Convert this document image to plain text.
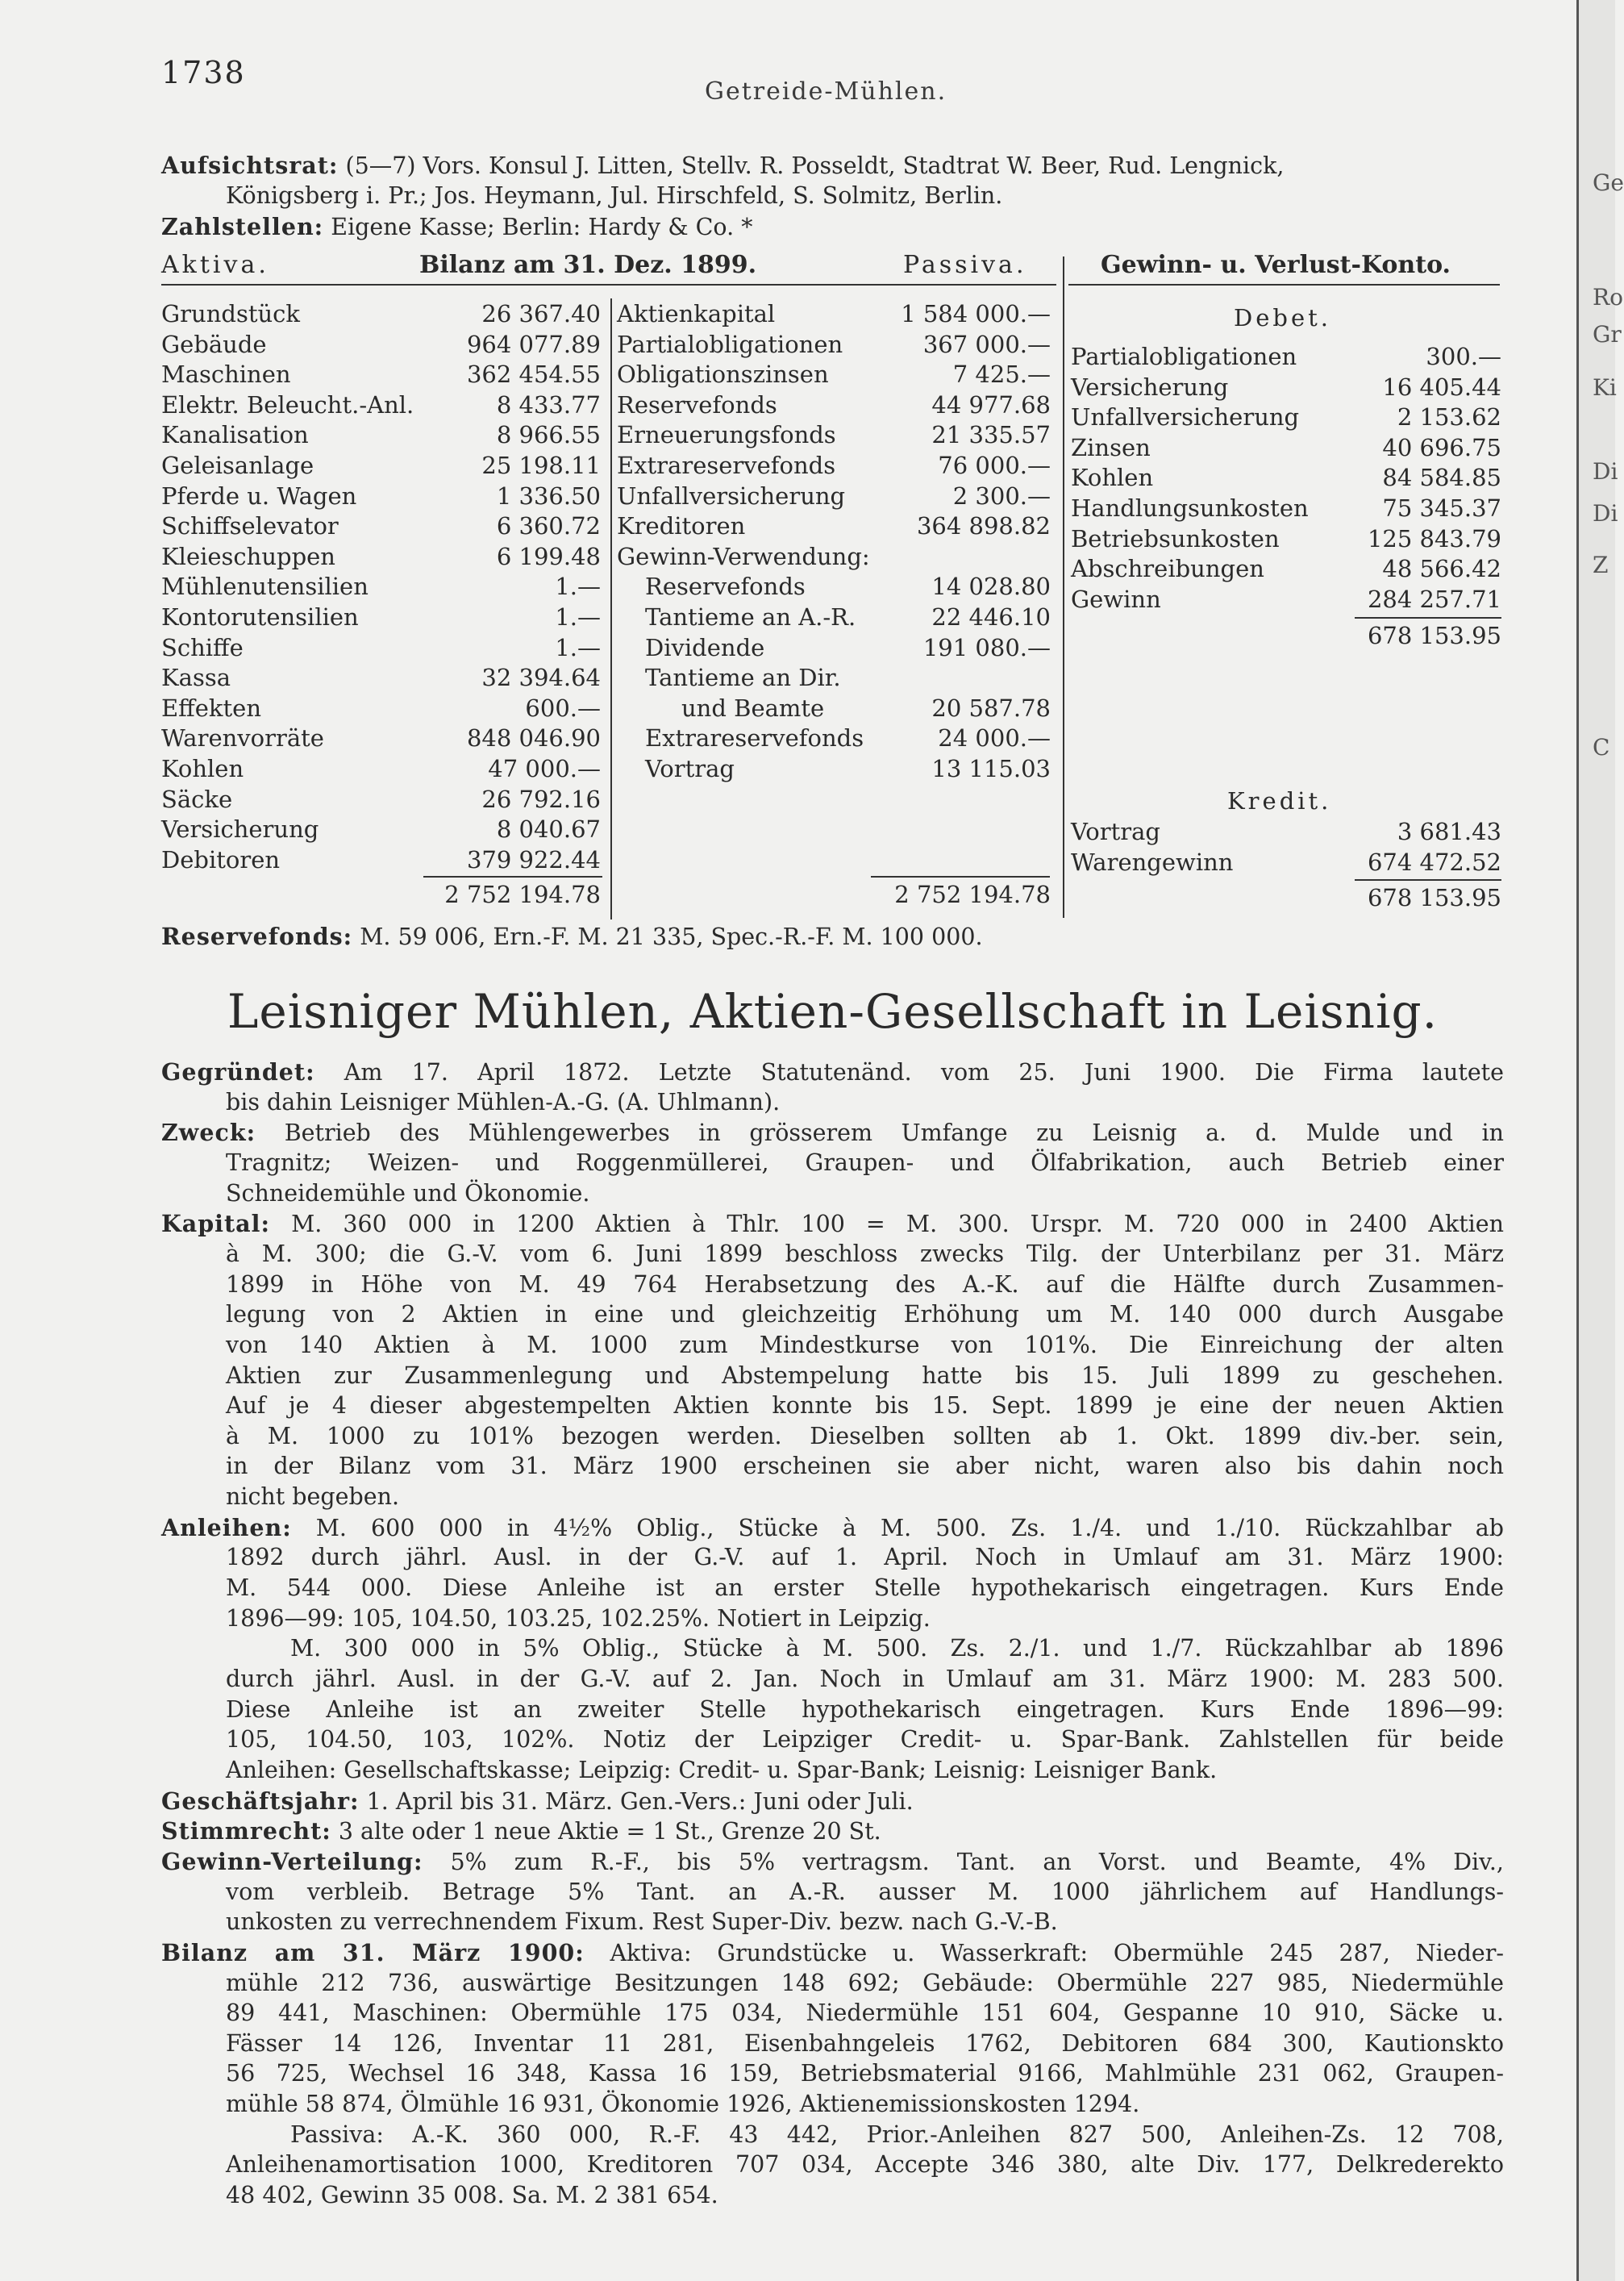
Ge
Ro
Gr
Ki
Di
Di
Z
C
1738
Getreide-Mühlen.
Aufsichtsrat: (5—7) Vors. Konsul J. Litten, Stellv. R. Posseldt, Stadtrat W. Beer, Rud. Lengnick,
Königsberg i. Pr.; Jos. Heymann, Jul. Hirschfeld, S. Solmitz, Berlin.
Zahlstellen: Eigene Kasse; Berlin: Hardy & Co. *
Aktiva.	Bilanz am 31. Dez. 1899.	Passiva.	Gewinn- u. Verlust-Konto.
Grundstück	26 367.40
Gebäude	964 077.89
Maschinen	362 454.55
Elektr. Beleucht.-Anl.	8 433.77
Kanalisation	8 966.55
Geleisanlage	25 198.11
Pferde u. Wagen	1 336.50
Schiffselevator	6 360.72
Kleieschuppen	6 199.48
Mühlenutensilien	1.—
Kontorutensilien	1.—
Schiffe	1.—
Kassa	32 394.64
Effekten	600.—
Warenvorräte	848 046.90
Kohlen	47 000.—
Säcke	26 792.16
Versicherung	8 040.67
Debitoren	379 922.44
2 752 194.78
Aktienkapital	1 584 000.—
Partialobligationen	367 000.—
Obligationszinsen	7 425.—
Reservefonds	44 977.68
Erneuerungsfonds	21 335.57
Extrareservefonds	76 000.—
Unfallversicherung	2 300.—
Kreditoren	364 898.82
Gewinn-Verwendung:
Reservefonds	14 028.80
Tantieme an A.-R.	22 446.10
Dividende	191 080.—
Tantieme an Dir.
und Beamte	20 587.78
Extrareservefonds	24 000.—
Vortrag	13 115.03
2 752 194.78
Debet.
Partialobligationen	300.—
Versicherung	16 405.44
Unfallversicherung	2 153.62
Zinsen	40 696.75
Kohlen	84 584.85
Handlungsunkosten	75 345.37
Betriebsunkosten	125 843.79
Abschreibungen	48 566.42
Gewinn	284 257.71
678 153.95
Kredit.
Vortrag	3 681.43
Warengewinn	674 472.52
678 153.95
Reservefonds: M. 59 006, Ern.-F. M. 21 335, Spec.-R.-F. M. 100 000.
Leisniger Mühlen, Aktien-Gesellschaft in Leisnig.
Gegründet: Am 17. April 1872. Letzte Statutenänd. vom 25. Juni 1900. Die Firma lautete
bis dahin Leisniger Mühlen-A.-G. (A. Uhlmann).
Zweck: Betrieb des Mühlengewerbes in grösserem Umfange zu Leisnig a. d. Mulde und in
Tragnitz; Weizen- und Roggenmüllerei, Graupen- und Ölfabrikation, auch Betrieb einer
Schneidemühle und Ökonomie.
Kapital: M. 360 000 in 1200 Aktien à Thlr. 100 = M. 300. Urspr. M. 720 000 in 2400 Aktien
à M. 300; die G.-V. vom 6. Juni 1899 beschloss zwecks Tilg. der Unterbilanz per 31. März
1899 in Höhe von M. 49 764 Herabsetzung des A.-K. auf die Hälfte durch Zusammen-
legung von 2 Aktien in eine und gleichzeitig Erhöhung um M. 140 000 durch Ausgabe
von 140 Aktien à M. 1000 zum Mindestkurse von 101%. Die Einreichung der alten
Aktien zur Zusammenlegung und Abstempelung hatte bis 15. Juli 1899 zu geschehen.
Auf je 4 dieser abgestempelten Aktien konnte bis 15. Sept. 1899 je eine der neuen Aktien
à M. 1000 zu 101% bezogen werden. Dieselben sollten ab 1. Okt. 1899 div.-ber. sein,
in der Bilanz vom 31. März 1900 erscheinen sie aber nicht, waren also bis dahin noch
nicht begeben.
Anleihen: M. 600 000 in 4½% Oblig., Stücke à M. 500. Zs. 1./4. und 1./10. Rückzahlbar ab
1892 durch jährl. Ausl. in der G.-V. auf 1. April. Noch in Umlauf am 31. März 1900:
M. 544 000. Diese Anleihe ist an erster Stelle hypothekarisch eingetragen. Kurs Ende
1896—99: 105, 104.50, 103.25, 102.25%. Notiert in Leipzig.
M. 300 000 in 5% Oblig., Stücke à M. 500. Zs. 2./1. und 1./7. Rückzahlbar ab 1896
durch jährl. Ausl. in der G.-V. auf 2. Jan. Noch in Umlauf am 31. März 1900: M. 283 500.
Diese Anleihe ist an zweiter Stelle hypothekarisch eingetragen. Kurs Ende 1896—99:
105, 104.50, 103, 102%. Notiz der Leipziger Credit- u. Spar-Bank. Zahlstellen für beide
Anleihen: Gesellschaftskasse; Leipzig: Credit- u. Spar-Bank; Leisnig: Leisniger Bank.
Geschäftsjahr: 1. April bis 31. März. Gen.-Vers.: Juni oder Juli.
Stimmrecht: 3 alte oder 1 neue Aktie = 1 St., Grenze 20 St.
Gewinn-Verteilung: 5% zum R.-F., bis 5% vertragsm. Tant. an Vorst. und Beamte, 4% Div.,
vom verbleib. Betrage 5% Tant. an A.-R. ausser M. 1000 jährlichem auf Handlungs-
unkosten zu verrechnendem Fixum. Rest Super-Div. bezw. nach G.-V.-B.
Bilanz am 31. März 1900: Aktiva: Grundstücke u. Wasserkraft: Obermühle 245 287, Nieder-
mühle 212 736, auswärtige Besitzungen 148 692; Gebäude: Obermühle 227 985, Niedermühle
89 441, Maschinen: Obermühle 175 034, Niedermühle 151 604, Gespanne 10 910, Säcke u.
Fässer 14 126, Inventar 11 281, Eisenbahngeleis 1762, Debitoren 684 300, Kautionskto
56 725, Wechsel 16 348, Kassa 16 159, Betriebsmaterial 9166, Mahlmühle 231 062, Graupen-
mühle 58 874, Ölmühle 16 931, Ökonomie 1926, Aktienemissionskosten 1294.
Passiva: A.-K. 360 000, R.-F. 43 442, Prior.-Anleihen 827 500, Anleihen-Zs. 12 708,
Anleihenamortisation 1000, Kreditoren 707 034, Accepte 346 380, alte Div. 177, Delkrederekto
48 402, Gewinn 35 008. Sa. M. 2 381 654.
